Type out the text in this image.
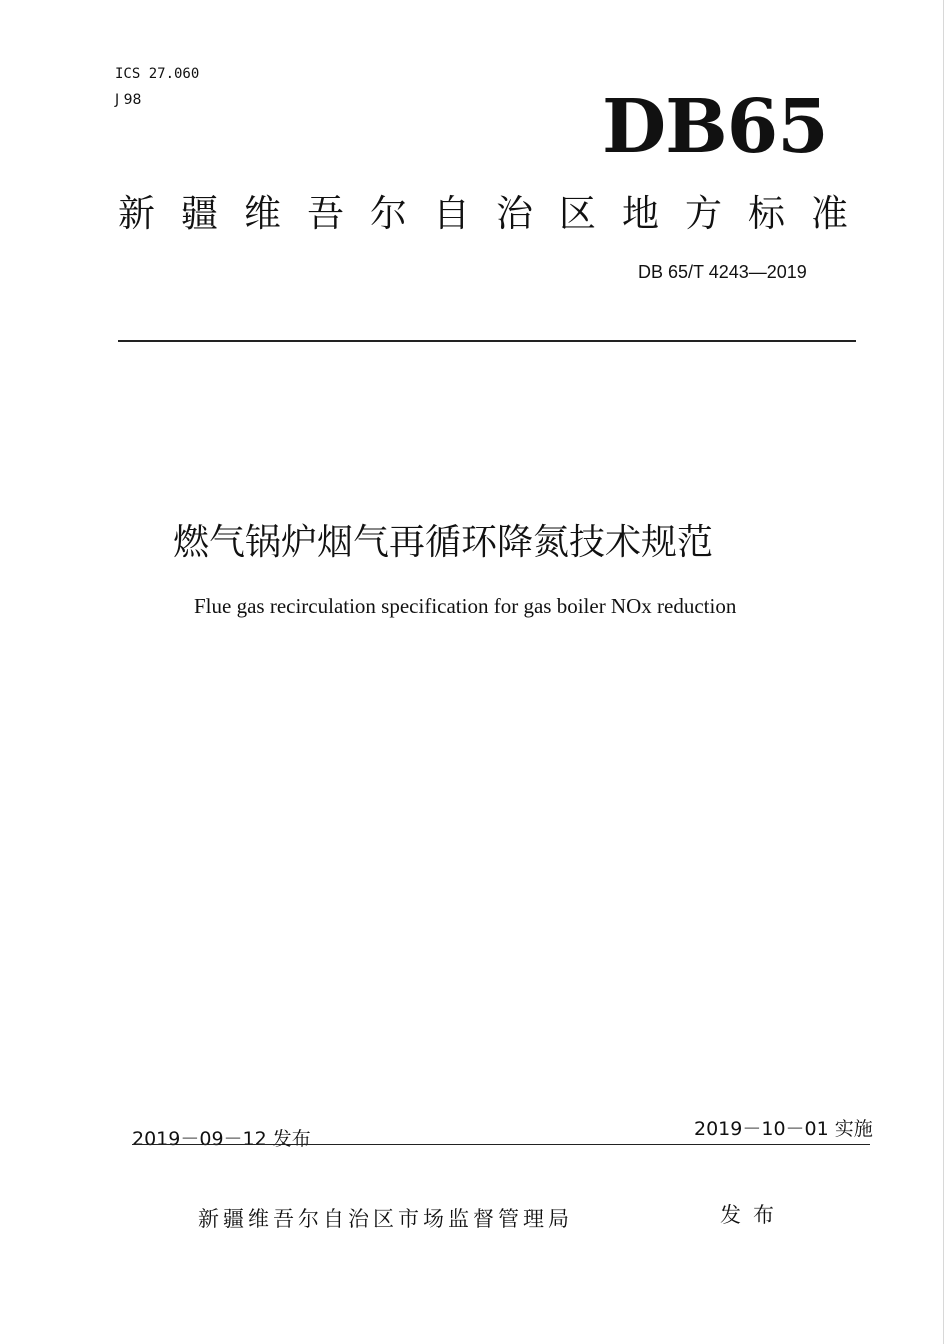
ICS 27.060
J 98	DB65
新疆维吾尔自治区地方标准
DB 65/T 4243—2019
燃气锅炉烟气再循环降氮技术规范
Flue gas recirculation specification for gas boiler NOx reduction
2019－09－12 发布	2019－10－01 实施
新疆维吾尔自治区市场监督管理局	发布
